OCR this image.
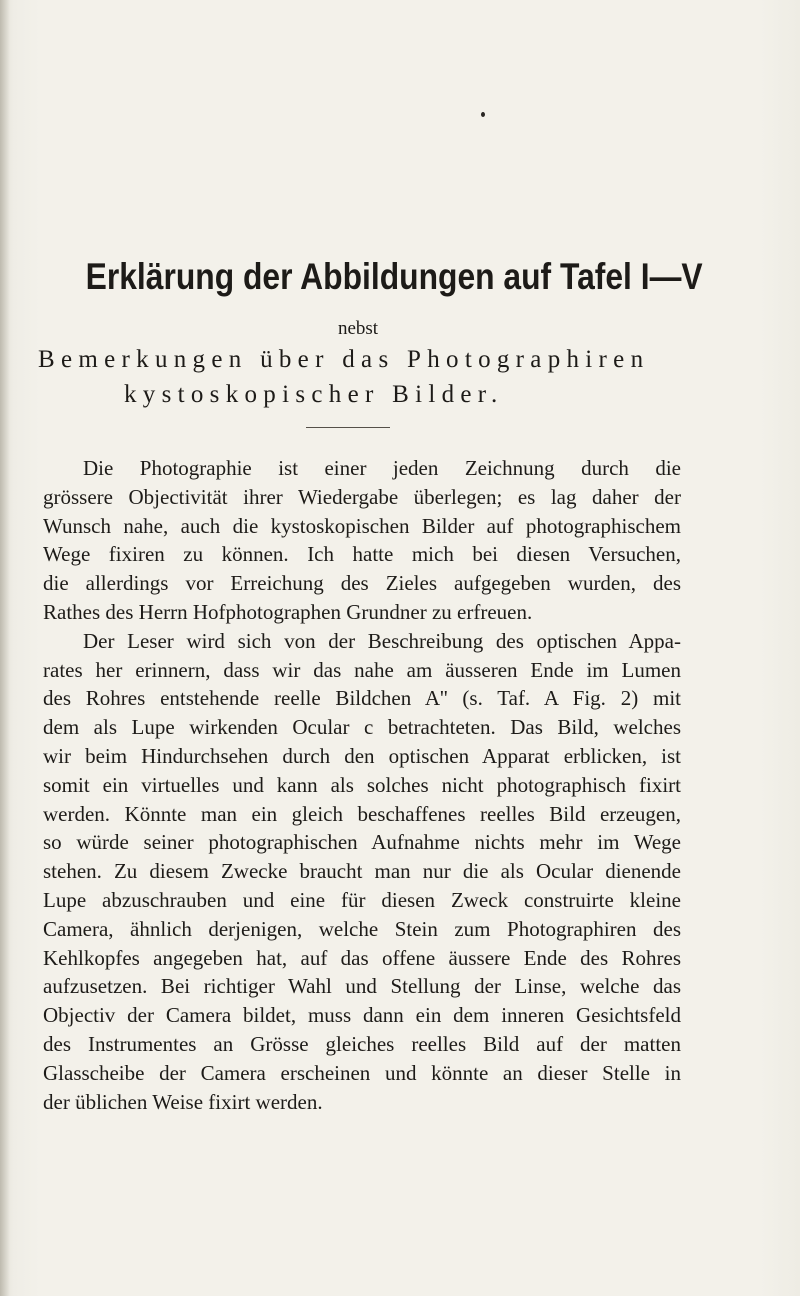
Erklärung der Abbildungen auf Tafel I—V
nebst
Bemerkungen über das Photographiren
kystoskopischer Bilder.

Die Photographie ist einer jeden Zeichnung durch die
grössere Objectivität ihrer Wiedergabe überlegen; es lag daher der
Wunsch nahe, auch die kystoskopischen Bilder auf photographischem
Wege fixiren zu können. Ich hatte mich bei diesen Versuchen,
die allerdings vor Erreichung des Zieles aufgegeben wurden, des
Rathes des Herrn Hofphotographen Grundner zu erfreuen.

Der Leser wird sich von der Beschreibung des optischen Appa-
rates her erinnern, dass wir das nahe am äusseren Ende im Lumen
des Rohres entstehende reelle Bildchen A'' (s. Taf. A Fig. 2) mit
dem als Lupe wirkenden Ocular c betrachteten. Das Bild, welches
wir beim Hindurchsehen durch den optischen Apparat erblicken, ist
somit ein virtuelles und kann als solches nicht photographisch fixirt
werden. Könnte man ein gleich beschaffenes reelles Bild erzeugen,
so würde seiner photographischen Aufnahme nichts mehr im Wege
stehen. Zu diesem Zwecke braucht man nur die als Ocular dienende
Lupe abzuschrauben und eine für diesen Zweck construirte kleine
Camera, ähnlich derjenigen, welche Stein zum Photographiren des
Kehlkopfes angegeben hat, auf das offene äussere Ende des Rohres
aufzusetzen. Bei richtiger Wahl und Stellung der Linse, welche das
Objectiv der Camera bildet, muss dann ein dem inneren Gesichtsfeld
des Instrumentes an Grösse gleiches reelles Bild auf der matten
Glasscheibe der Camera erscheinen und könnte an dieser Stelle in
der üblichen Weise fixirt werden.
